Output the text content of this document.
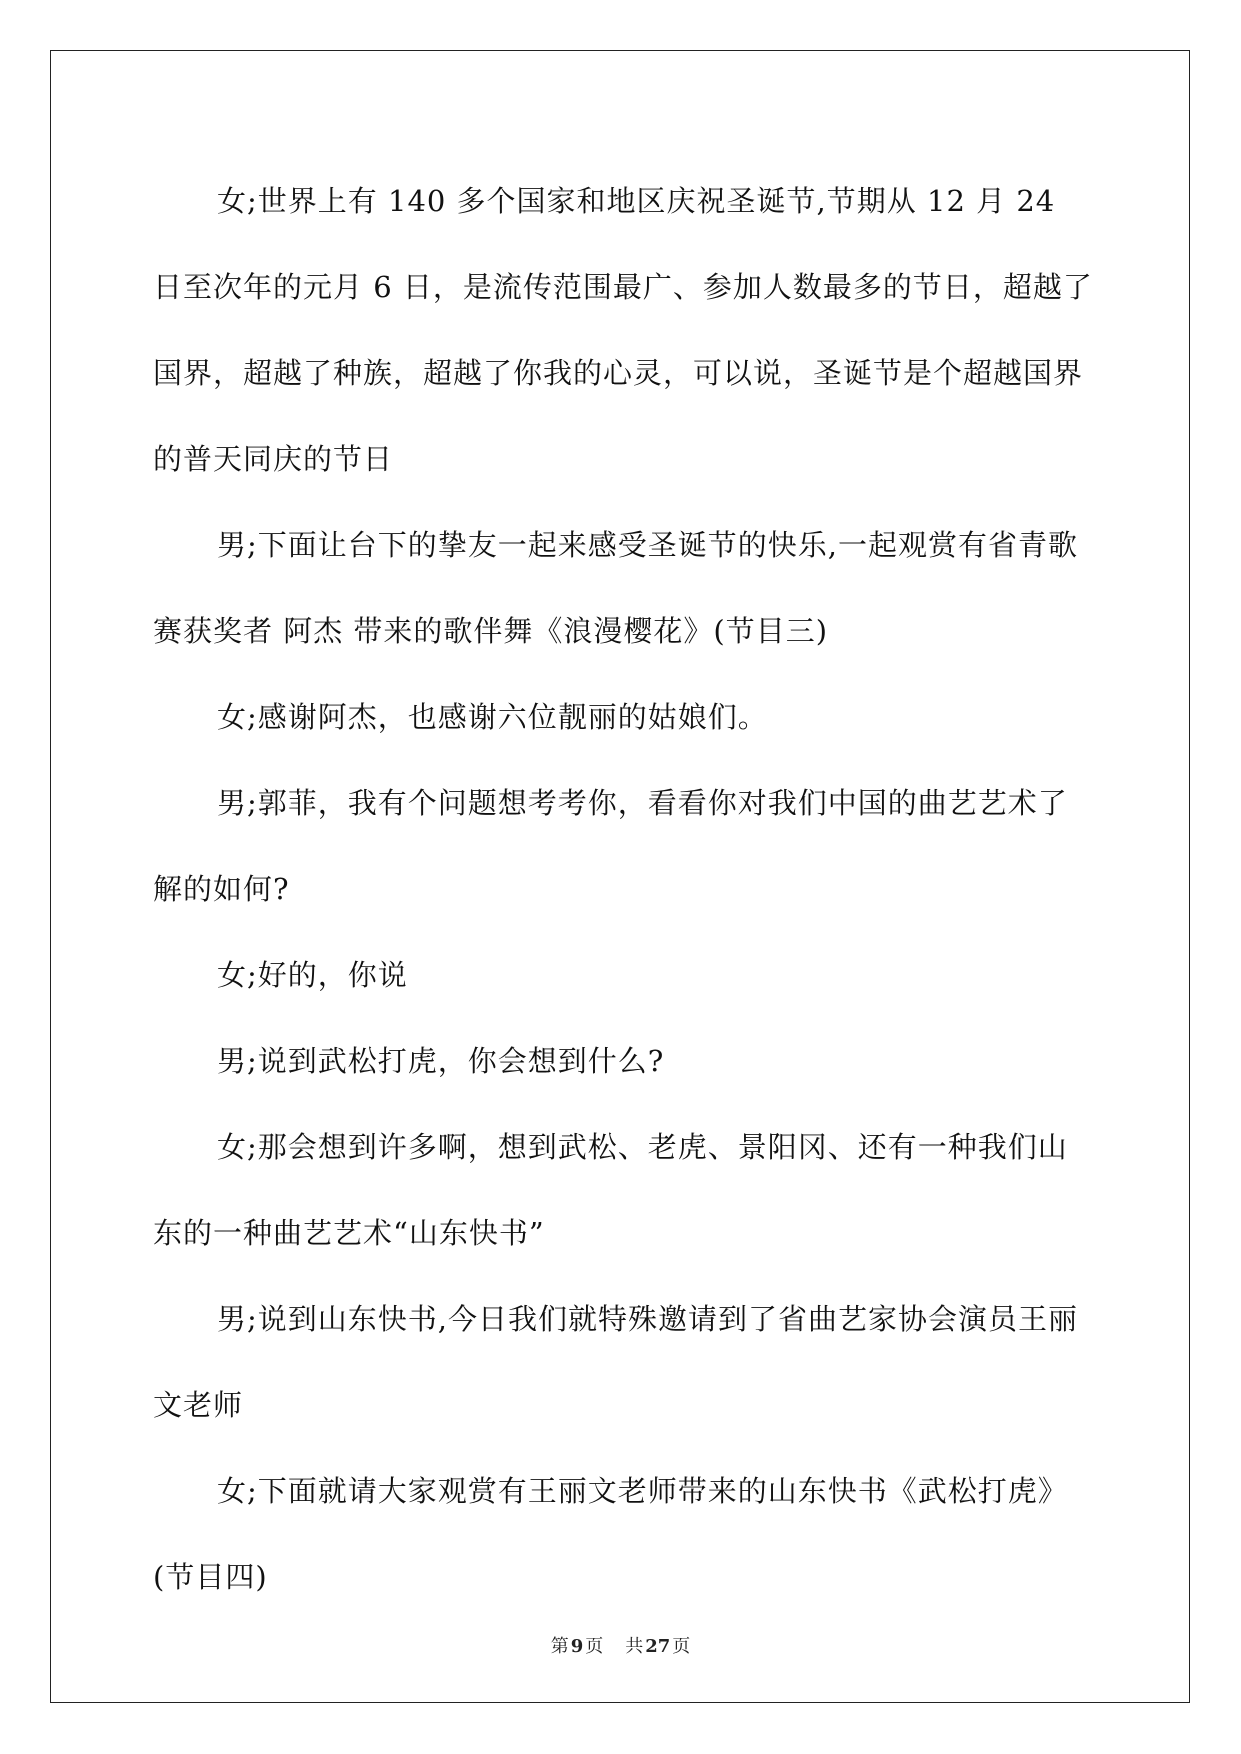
女;世界上有 140 多个国家和地区庆祝圣诞节,节期从 12 月 24 日至次年的元月 6 日，是流传范围最广、参加人数最多的节日，超越了国界，超越了种族，超越了你我的心灵，可以说，圣诞节是个超越国界的普天同庆的节日

男;下面让台下的挚友一起来感受圣诞节的快乐,一起观赏有省青歌赛获奖者 阿杰 带来的歌伴舞《浪漫樱花》(节目三)

女;感谢阿杰，也感谢六位靓丽的姑娘们。

男;郭菲，我有个问题想考考你，看看你对我们中国的曲艺艺术了解的如何?

女;好的，你说

男;说到武松打虎，你会想到什么?

女;那会想到许多啊，想到武松、老虎、景阳冈、还有一种我们山东的一种曲艺艺术“山东快书”

男;说到山东快书,今日我们就特殊邀请到了省曲艺家协会演员王丽文老师

女;下面就请大家观赏有王丽文老师带来的山东快书《武松打虎》(节目四)

第 9 页 共 27 页
